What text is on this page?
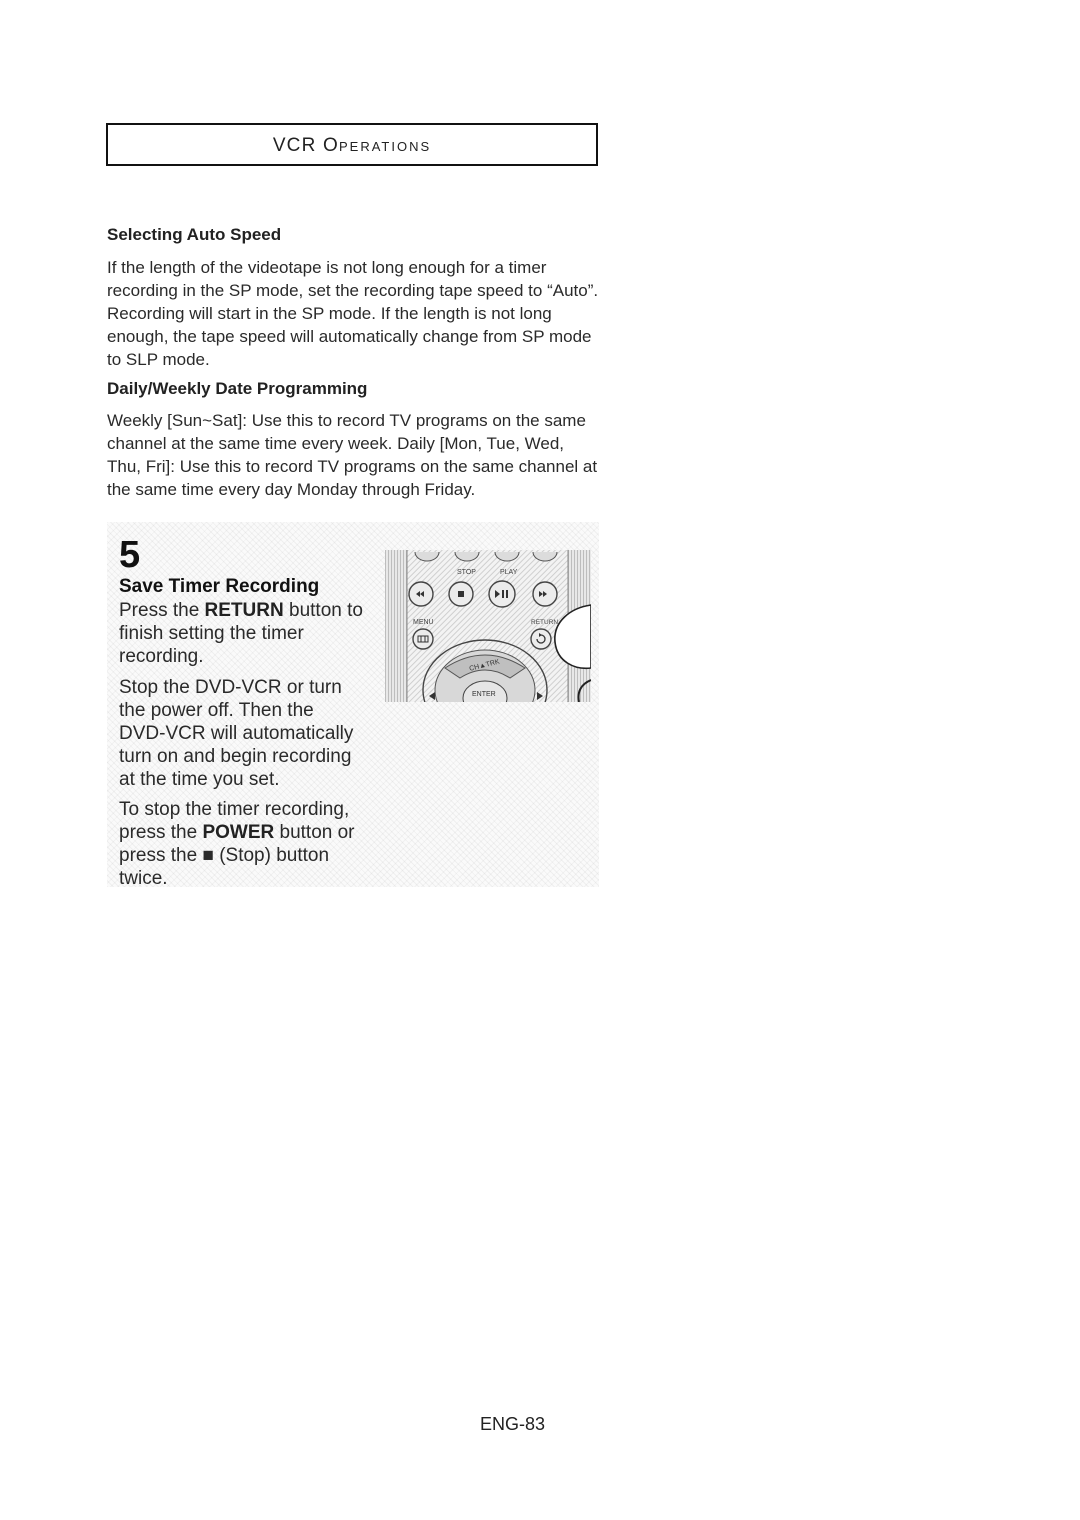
VCR OPERATIONS
Selecting Auto Speed

If the length of the videotape is not long enough for a timer recording in the SP mode, set the recording tape speed to “Auto”. Recording will start in the SP mode. If the length is not long enough, the tape speed will automatically change from SP mode to SLP mode.

Daily/Weekly Date Programming

Weekly [Sun~Sat]: Use this to record TV programs on the same channel at the same time every week. Daily [Mon, Tue, Wed, Thu, Fri]: Use this to record TV programs on the same channel at the same time every day Monday through Friday.

5
Save Timer Recording

Press the RETURN button to finish setting the timer recording.

Stop the DVD-VCR or turn the power off. Then the DVD-VCR will automatically turn on and begin recording at the time you set.

To stop the timer recording, press the POWER button or press the ■ (Stop) button twice.

STOP	PLAY
MENU	RETURN
CH▲TRK
ENTER
ENG-83
